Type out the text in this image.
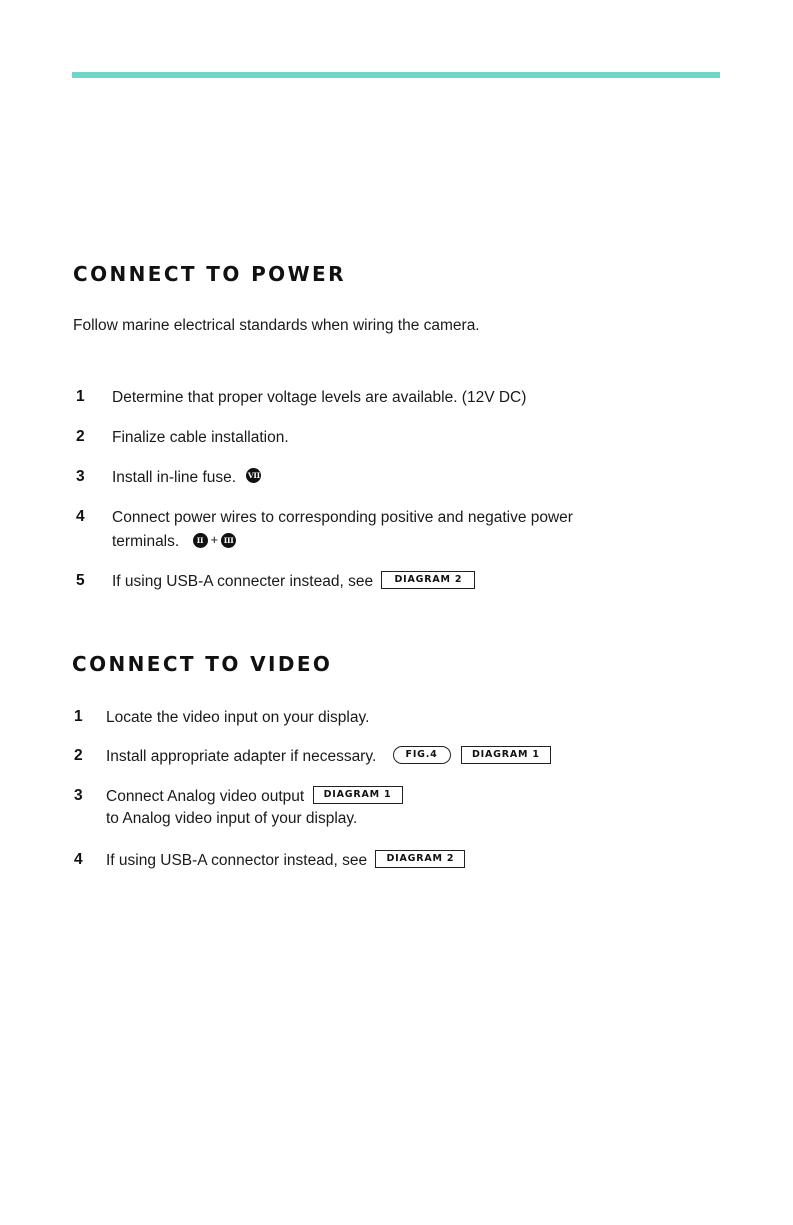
CONNECT TO POWER
Follow marine electrical standards when wiring the camera.
1 Determine that proper voltage levels are available. (12V DC)
2 Finalize cable installation.
3 Install in-line fuse. VII
4 Connect power wires to corresponding positive and negative power
terminals. II + III
5 If using USB-A connecter instead, see DIAGRAM 2
CONNECT TO VIDEO
1 Locate the video input on your display.
2 Install appropriate adapter if necessary.	FIG.4	DIAGRAM 1
3 Connect Analog video output DIAGRAM 1
to Analog video input of your display.
4 If using USB-A connector instead, see DIAGRAM 2
